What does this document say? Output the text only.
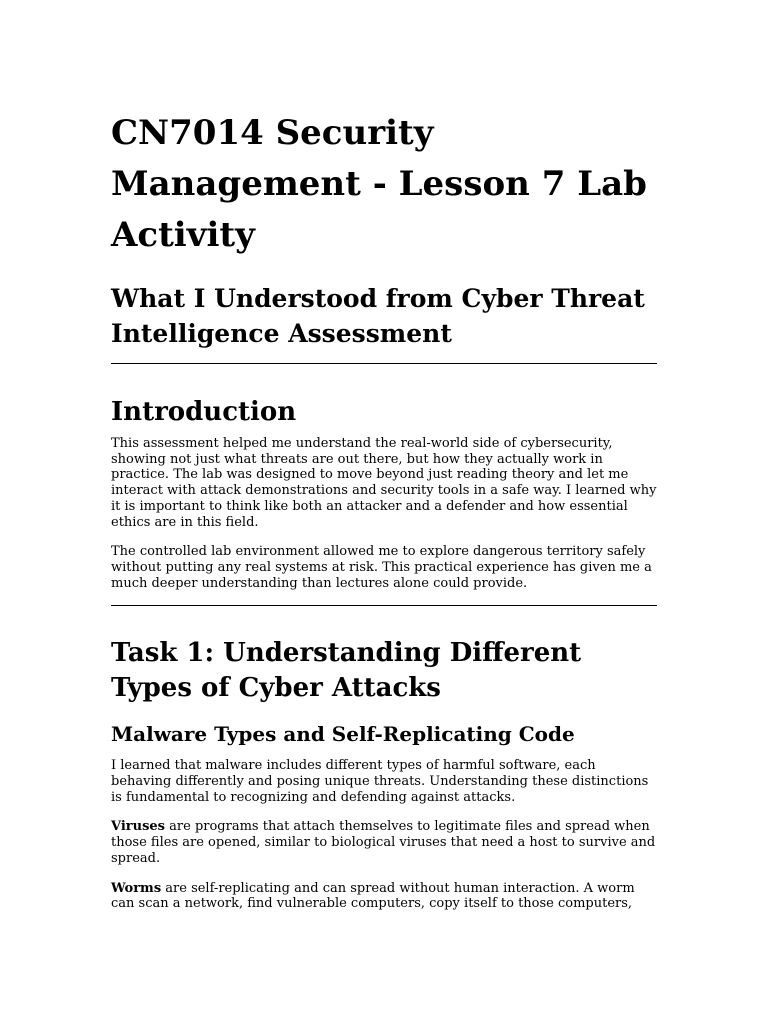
CN7014 Security Management - Lesson 7 Lab Activity
What I Understood from Cyber Threat Intelligence Assessment
Introduction

This assessment helped me understand the real-world side of cybersecurity, showing not just what threats are out there, but how they actually work in practice. The lab was designed to move beyond just reading theory and let me interact with attack demonstrations and security tools in a safe way. I learned why it is important to think like both an attacker and a defender and how essential ethics are in this field.

The controlled lab environment allowed me to explore dangerous territory safely without putting any real systems at risk. This practical experience has given me a much deeper understanding than lectures alone could provide.

Task 1: Understanding Different Types of Cyber Attacks
Malware Types and Self-Replicating Code

I learned that malware includes different types of harmful software, each behaving differently and posing unique threats. Understanding these distinctions is fundamental to recognizing and defending against attacks.

Viruses are programs that attach themselves to legitimate files and spread when those files are opened, similar to biological viruses that need a host to survive and spread.

Worms are self-replicating and can spread without human interaction. A worm can scan a network, find vulnerable computers, copy itself to those computers,
